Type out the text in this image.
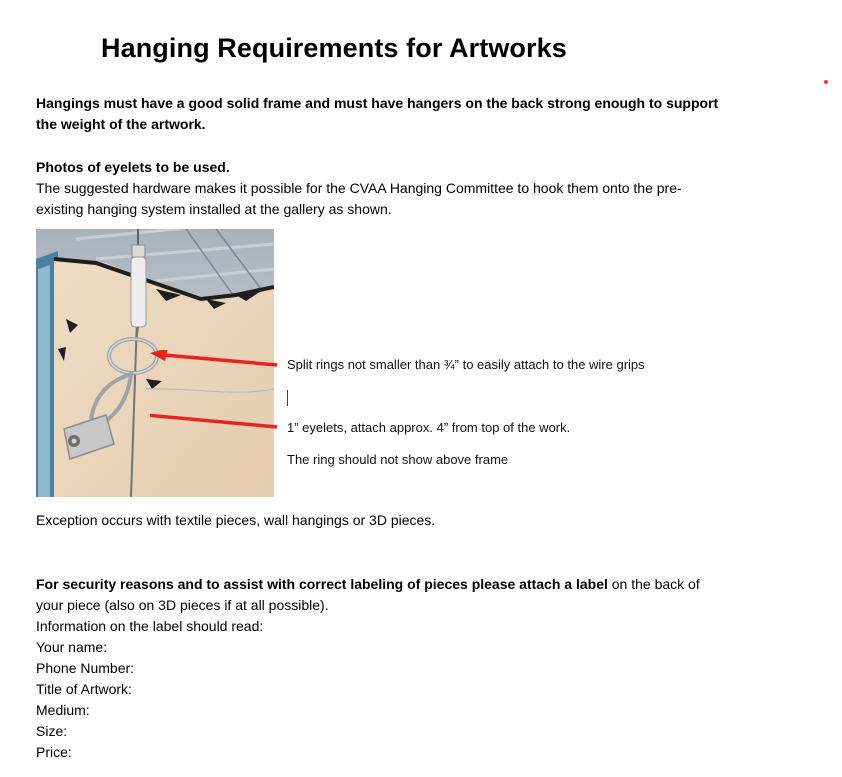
Hanging Requirements for Artworks
Hangings must have a good solid frame and must have hangers on the back strong enough to support
the weight of the artwork.
Photos of eyelets to be used.
The suggested hardware makes it possible for the CVAA Hanging Committee to hook them onto the pre-
existing hanging system installed at the gallery as shown.
Split rings not smaller than ¾” to easily attach to the wire grips
1” eyelets, attach approx. 4” from top of the work.
The ring should not show above frame
Exception occurs with textile pieces, wall hangings or 3D pieces.
For security reasons and to assist with correct labeling of pieces please attach a label on the back of
your piece (also on 3D pieces if at all possible).
Information on the label should read:
Your name:
Phone Number:
Title of Artwork:
Medium:
Size:
Price:
